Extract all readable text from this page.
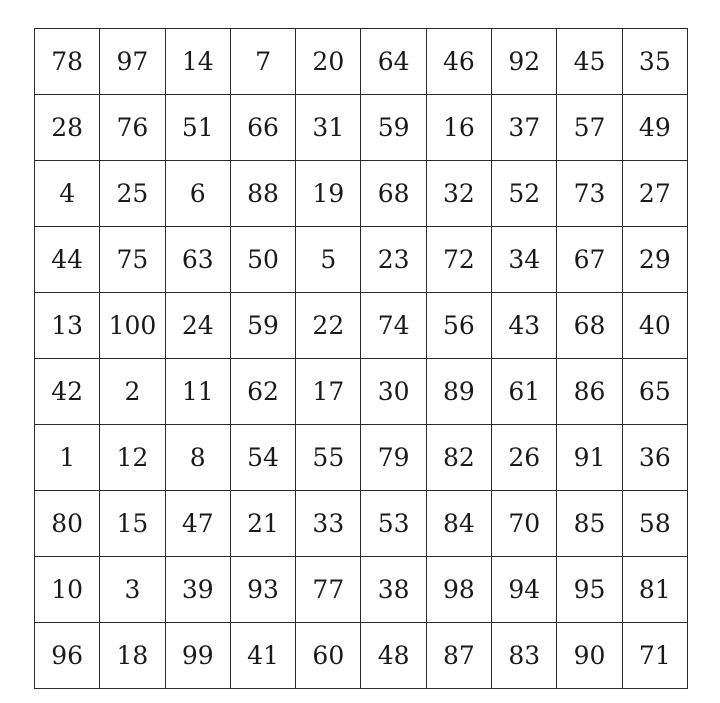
78	97	14	7	20	64	46	92	45	35
28	76	51	66	31	59	16	37	57	49
4	25	6	88	19	68	32	52	73	27
44	75	63	50	5	23	72	34	67	29
13	100	24	59	22	74	56	43	68	40
42	2	11	62	17	30	89	61	86	65
1	12	8	54	55	79	82	26	91	36
80	15	47	21	33	53	84	70	85	58
10	3	39	93	77	38	98	94	95	81
96	18	99	41	60	48	87	83	90	71
